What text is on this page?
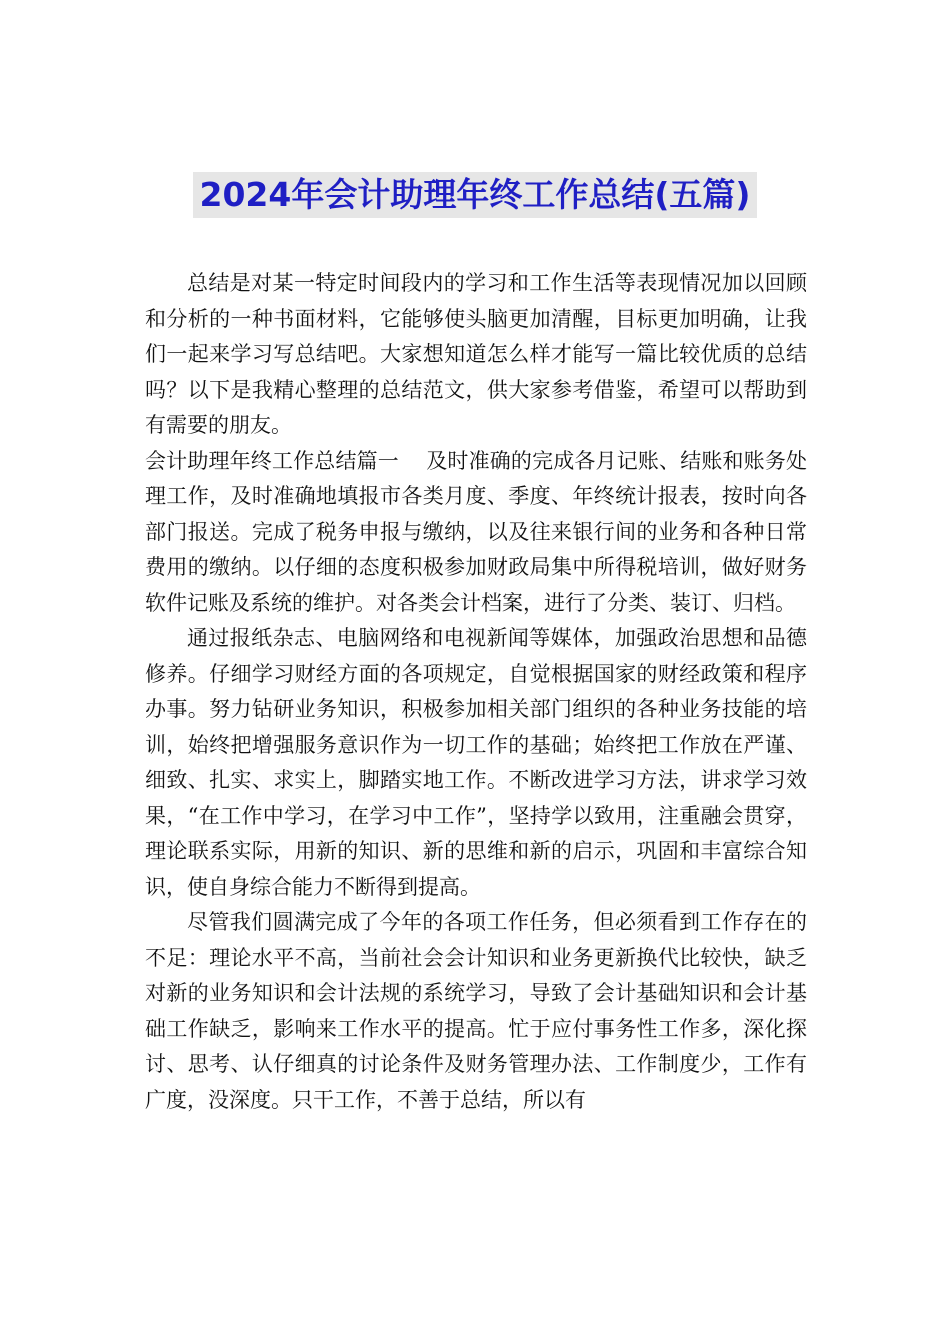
2024年会计助理年终工作总结(五篇)

总结是对某一特定时间段内的学习和工作生活等表现情况加以回顾和分析的一种书面材料，它能够使头脑更加清醒，目标更加明确，让我们一起来学习写总结吧。大家想知道怎么样才能写一篇比较优质的总结吗？以下是我精心整理的总结范文，供大家参考借鉴，希望可以帮助到有需要的朋友。

会计助理年终工作总结篇一    及时准确的完成各月记账、结账和账务处理工作，及时准确地填报市各类月度、季度、年终统计报表，按时向各部门报送。完成了税务申报与缴纳，以及往来银行间的业务和各种日常费用的缴纳。以仔细的态度积极参加财政局集中所得税培训，做好财务软件记账及系统的维护。对各类会计档案，进行了分类、装订、归档。

通过报纸杂志、电脑网络和电视新闻等媒体，加强政治思想和品德修养。仔细学习财经方面的各项规定，自觉根据国家的财经政策和程序办事。努力钻研业务知识，积极参加相关部门组织的各种业务技能的培训，始终把增强服务意识作为一切工作的基础；始终把工作放在严谨、细致、扎实、求实上，脚踏实地工作。不断改进学习方法，讲求学习效果，“在工作中学习，在学习中工作”，坚持学以致用，注重融会贯穿，理论联系实际，用新的知识、新的思维和新的启示，巩固和丰富综合知识，使自身综合能力不断得到提高。

尽管我们圆满完成了今年的各项工作任务，但必须看到工作存在的不足：理论水平不高，当前社会会计知识和业务更新换代比较快，缺乏对新的业务知识和会计法规的系统学习，导致了会计基础知识和会计基础工作缺乏，影响来工作水平的提高。忙于应付事务性工作多，深化探讨、思考、认仔细真的讨论条件及财务管理办法、工作制度少，工作有广度，没深度。只干工作，不善于总结，所以有
